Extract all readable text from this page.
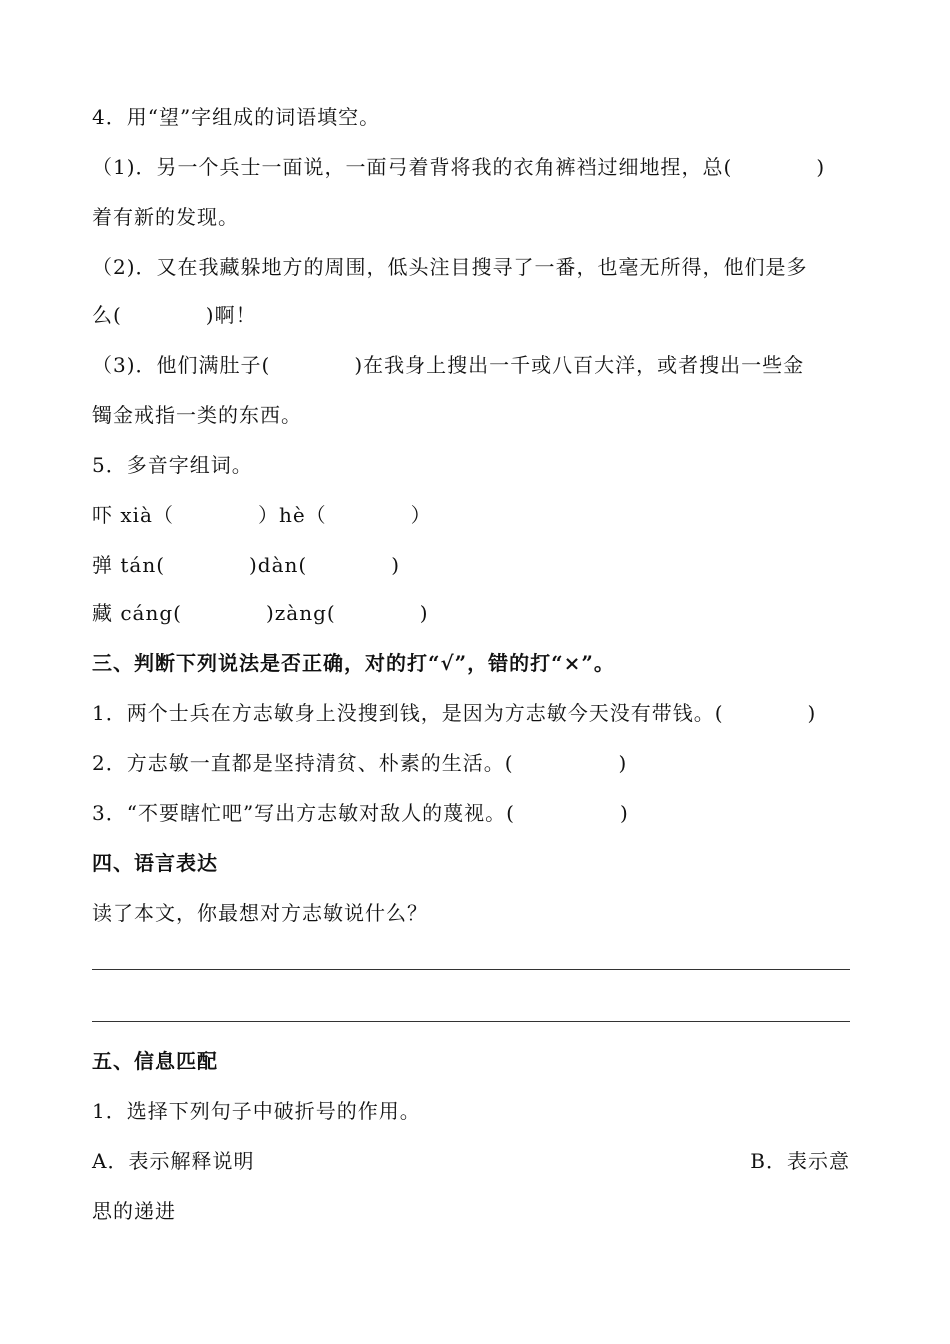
4．用“望”字组成的词语填空。
（1)．另一个兵士一面说，一面弓着背将我的衣角裤裆过细地捏，总(　　　　)
着有新的发现。
（2)．又在我藏躲地方的周围，低头注目搜寻了一番，也毫无所得，他们是多
么(　　　　)啊！
（3)．他们满肚子(　　　　)在我身上搜出一千或八百大洋，或者搜出一些金
镯金戒指一类的东西。
5．多音字组词。
吓 xià（　　　　）hè（　　　　）
弹 tán(　　　　)dàn(　　　　)
藏 cáng(　　　　)zàng(　　　　)
三、判断下列说法是否正确，对的打“√”，错的打“×”。
1．两个士兵在方志敏身上没搜到钱，是因为方志敏今天没有带钱。(　　　　)
2．方志敏一直都是坚持清贫、朴素的生活。(　　　　　)
3．“不要瞎忙吧”写出方志敏对敌人的蔑视。(　　　　　)
四、语言表达
读了本文，你最想对方志敏说什么？
五、信息匹配
1．选择下列句子中破折号的作用。
A．表示解释说明	B．表示意
思的递进
